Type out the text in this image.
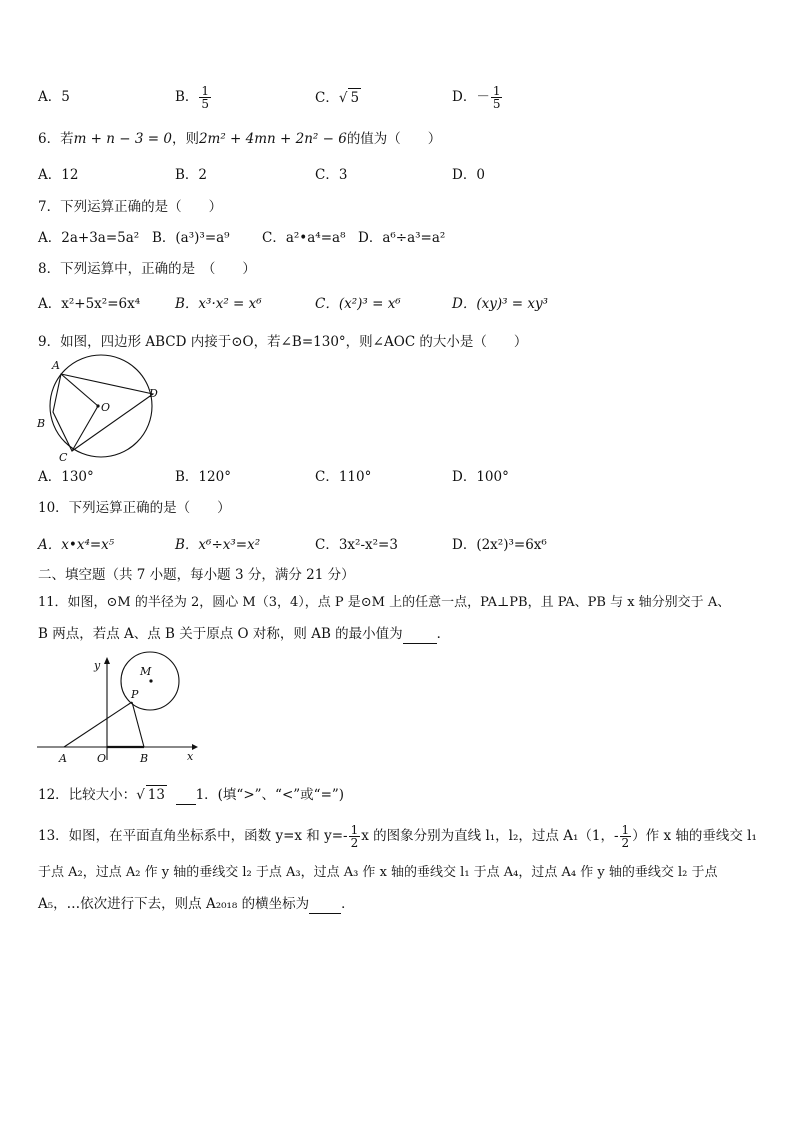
A．5	B． $\frac{1}{5}$	C．√ 5	D．－ $\frac{1}{5}$
6．若m + n − 3 = 0，则2m² + 4mn + 2n² − 6的值为（　　）
A．12	B．2	C．3	D．0
7．下列运算正确的是（　　）
A．2a+3a=5a² B．(a³)³=a⁹ C．a²•a⁴=a⁸ D．a⁶÷a³=a²
8．下列运算中，正确的是　（　　）
A．x²+5x²=6x⁴	B．x³·x² = x⁶	C．(x²)³ = x⁶	D．(xy)³ = xy³
9．如图，四边形 ABCD 内接于⊙O，若∠B=130°，则∠AOC 的大小是（　　）
A
D
B
C
O
A．130°	B．120°	C．110°	D．100°
10．下列运算正确的是（　　）
A．x•x⁴=x⁵	B．x⁶÷x³=x²	C．3x²-x²=3	D．(2x²)³=6x⁶
二、填空题（共 7 小题，每小题 3 分，满分 21 分）
11．如图，⊙M 的半径为 2，圆心 M（3，4），点 P 是⊙M 上的任意一点，PA⊥PB，且 PA、PB 与 x 轴分别交于 A、
B 两点，若点 A、点 B 关于原点 O 对称，则 AB 的最小值为	．
y
x
M
P
A	O	B
12．比较大小：√ 13 1．(填“>”、“<”或“=”)
13．如图，在平面直角坐标系中，函数 y=x 和 $y=- \frac{1}{2}$ x 的图象分别为直线 l₁，l₂，过点 A₁（1，- $\frac{1}{2}$ ）作 x 轴的垂线交 l₁
于点 A₂，过点 A₂ 作 y 轴的垂线交 l₂ 于点 A₃，过点 A₃ 作 x 轴的垂线交 l₁ 于点 A₄，过点 A₄ 作 y 轴的垂线交 l₂ 于点
A₅，…依次进行下去，则点 A₂₀₁₈ 的横坐标为 ．
